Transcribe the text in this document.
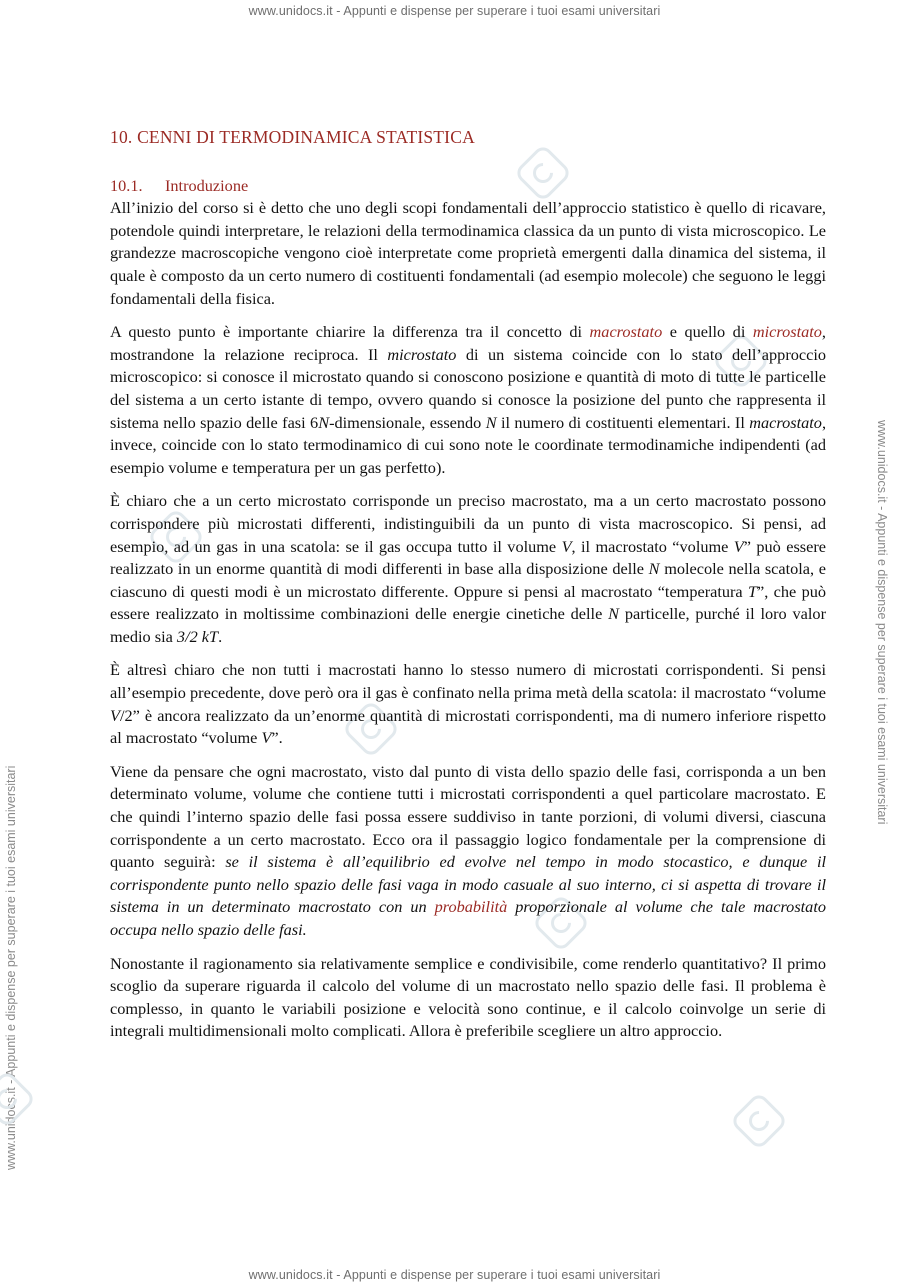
www.unidocs.it - Appunti e dispense per superare i tuoi esami universitari
www.unidocs.it - Appunti e dispense per superare i tuoi esami universitari
www.unidocs.it - Appunti e dispense per superare i tuoi esami universitari
www.unidocs.it - Appunti e dispense per superare i tuoi esami universitari
10. CENNI DI TERMODINAMICA STATISTICA
10.1. Introduzione

All’inizio del corso si è detto che uno degli scopi fondamentali dell’approccio statistico è quello di ricavare, potendole quindi interpretare, le relazioni della termodinamica classica da un punto di vista microscopico. Le grandezze macroscopiche vengono cioè interpretate come proprietà emergenti dalla dinamica del sistema, il quale è composto da un certo numero di costituenti fondamentali (ad esempio molecole) che seguono le leggi fondamentali della fisica.

A questo punto è importante chiarire la differenza tra il concetto di macrostato e quello di microstato, mostrandone la relazione reciproca. Il microstato di un sistema coincide con lo stato dell’approccio microscopico: si conosce il microstato quando si conoscono posizione e quantità di moto di tutte le particelle del sistema a un certo istante di tempo, ovvero quando si conosce la posizione del punto che rappresenta il sistema nello spazio delle fasi 6N-dimensionale, essendo N il numero di costituenti elementari. Il macrostato, invece, coincide con lo stato termodinamico di cui sono note le coordinate termodinamiche indipendenti (ad esempio volume e temperatura per un gas perfetto).

È chiaro che a un certo microstato corrisponde un preciso macrostato, ma a un certo macrostato possono corrispondere più microstati differenti, indistinguibili da un punto di vista macroscopico. Si pensi, ad esempio, ad un gas in una scatola: se il gas occupa tutto il volume V, il macrostato “volume V” può essere realizzato in un enorme quantità di modi differenti in base alla disposizione delle N molecole nella scatola, e ciascuno di questi modi è un microstato differente. Oppure si pensi al macrostato “temperatura T”, che può essere realizzato in moltissime combinazioni delle energie cinetiche delle N particelle, purché il loro valor medio sia 3/2 kT.

È altresì chiaro che non tutti i macrostati hanno lo stesso numero di microstati corrispondenti. Si pensi all’esempio precedente, dove però ora il gas è confinato nella prima metà della scatola: il macrostato “volume V/2” è ancora realizzato da un’enorme quantità di microstati corrispondenti, ma di numero inferiore rispetto al macrostato “volume V”.

Viene da pensare che ogni macrostato, visto dal punto di vista dello spazio delle fasi, corrisponda a un ben determinato volume, volume che contiene tutti i microstati corrispondenti a quel particolare macrostato. E che quindi l’interno spazio delle fasi possa essere suddiviso in tante porzioni, di volumi diversi, ciascuna corrispondente a un certo macrostato. Ecco ora il passaggio logico fondamentale per la comprensione di quanto seguirà: se il sistema è all’equilibrio ed evolve nel tempo in modo stocastico, e dunque il corrispondente punto nello spazio delle fasi vaga in modo casuale al suo interno, ci si aspetta di trovare il sistema in un determinato macrostato con un probabilità proporzionale al volume che tale macrostato occupa nello spazio delle fasi.

Nonostante il ragionamento sia relativamente semplice e condivisibile, come renderlo quantitativo? Il primo scoglio da superare riguarda il calcolo del volume di un macrostato nello spazio delle fasi. Il problema è complesso, in quanto le variabili posizione e velocità sono continue, e il calcolo coinvolge un serie di integrali multidimensionali molto complicati. Allora è preferibile scegliere un altro approccio.
